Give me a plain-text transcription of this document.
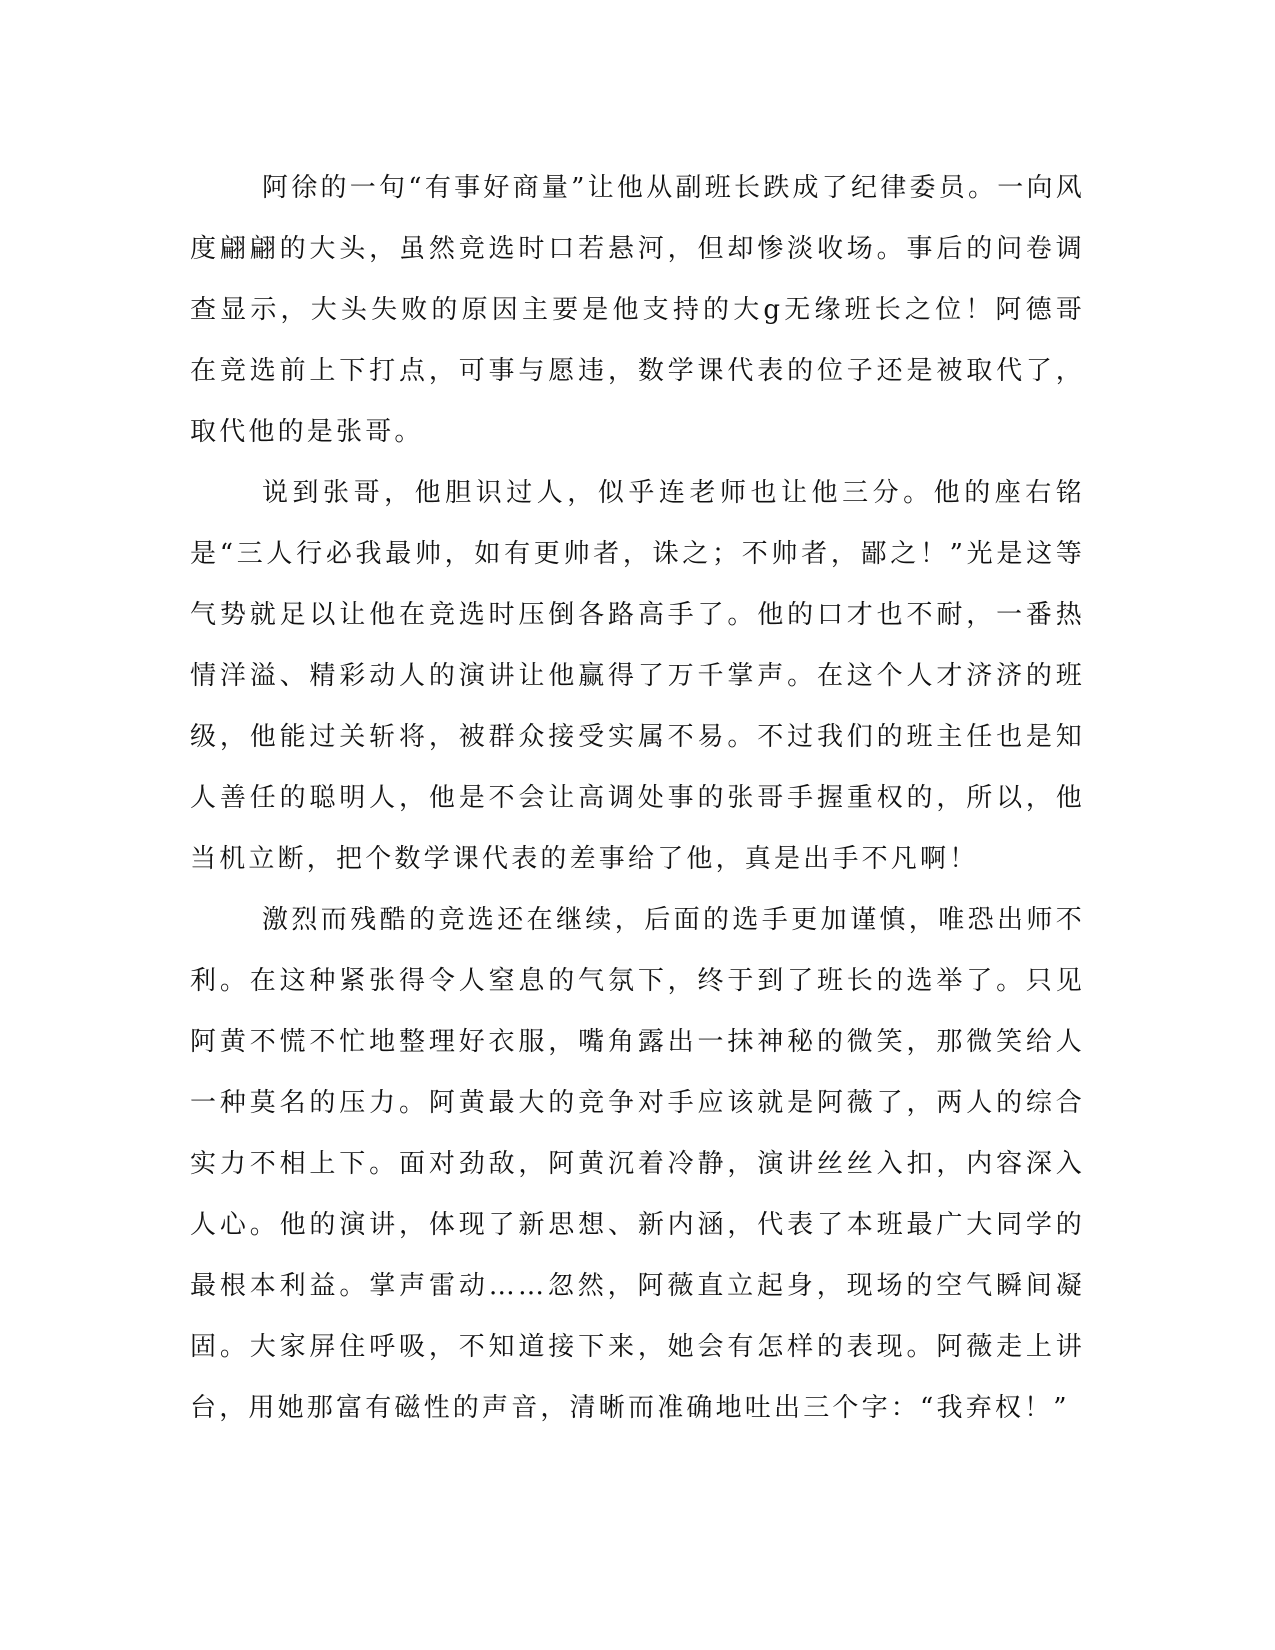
阿徐的一句“有事好商量”让他从副班长跌成了纪律委员。一向风度翩翩的大头，虽然竞选时口若悬河，但却惨淡收场。事后的问卷调查显示，大头失败的原因主要是他支持的大g无缘班长之位！阿德哥在竞选前上下打点，可事与愿违，数学课代表的位子还是被取代了，取代他的是张哥。

说到张哥，他胆识过人，似乎连老师也让他三分。他的座右铭是“三人行必我最帅，如有更帅者，诛之；不帅者，鄙之！”光是这等气势就足以让他在竞选时压倒各路高手了。他的口才也不耐，一番热情洋溢、精彩动人的演讲让他赢得了万千掌声。在这个人才济济的班级，他能过关斩将，被群众接受实属不易。不过我们的班主任也是知人善任的聪明人，他是不会让高调处事的张哥手握重权的，所以，他当机立断，把个数学课代表的差事给了他，真是出手不凡啊！

激烈而残酷的竞选还在继续，后面的选手更加谨慎，唯恐出师不利。在这种紧张得令人窒息的气氛下，终于到了班长的选举了。只见阿黄不慌不忙地整理好衣服，嘴角露出一抹神秘的微笑，那微笑给人一种莫名的压力。阿黄最大的竞争对手应该就是阿薇了，两人的综合实力不相上下。面对劲敌，阿黄沉着冷静，演讲丝丝入扣，内容深入人心。他的演讲，体现了新思想、新内涵，代表了本班最广大同学的最根本利益。掌声雷动……忽然，阿薇直立起身，现场的空气瞬间凝固。大家屏住呼吸，不知道接下来，她会有怎样的表现。阿薇走上讲台，用她那富有磁性的声音，清晰而准确地吐出三个字：“我弃权！”
